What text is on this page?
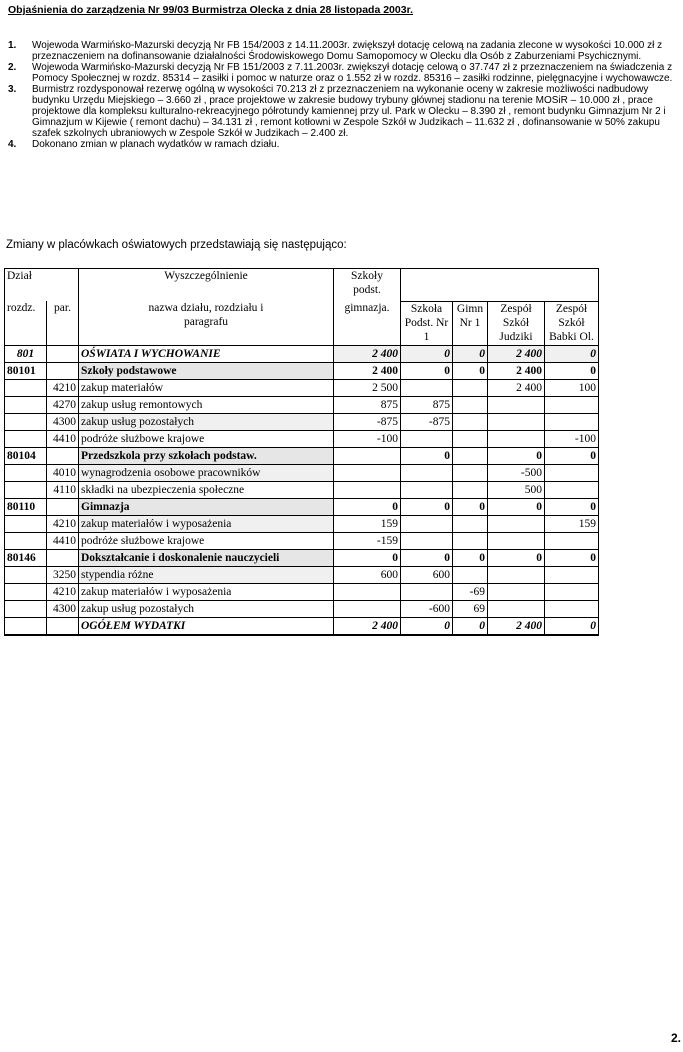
Objaśnienia do zarządzenia Nr 99/03 Burmistrza Olecka z dnia 28 listopada 2003r.
1.	Wojewoda Warmińsko-Mazurski decyzją Nr FB 154/2003 z 14.11.2003r. zwiększył dotację celową na zadania zlecone w wysokości 10.000 zł z przeznaczeniem na dofinansowanie działalności Środowiskowego Domu Samopomocy w Olecku dla Osób z Zaburzeniami Psychicznymi.
2.	Wojewoda Warmińsko-Mazurski decyzją Nr FB 151/2003 z 7.11.2003r. zwiększył dotację celową o 37.747 zł z przeznaczeniem na świadczenia z Pomocy Społecznej w rozdz. 85314 – zasiłki i pomoc w naturze oraz o 1.552 zł w rozdz. 85316 – zasiłki rodzinne, pielęgnacyjne i wychowawcze.
3.	Burmistrz rozdysponował rezerwę ogólną w wysokości 70.213 zł z przeznaczeniem na wykonanie oceny w zakresie możliwości nadbudowy budynku Urzędu Miejskiego – 3.660 zł , prace projektowe w zakresie budowy trybuny głównej stadionu na terenie MOSiR – 10.000 zł , prace projektowe dla kompleksu kulturalno-rekreacyjnego półrotundy kamiennej przy ul. Park w Olecku – 8.390 zł , remont budynku Gimnazjum Nr 2 i Gimnazjum w Kijewie ( remont dachu) – 34.131 zł , remont kotłowni w Zespole Szkół w Judzikach – 11.632 zł , dofinansowanie w 50% zakupu szafek szkolnych ubraniowych w Zespole Szkół w Judzikach – 2.400 zł.
4.	Dokonano zmian w planach wydatków w ramach działu.
Zmiany w placówkach oświatowych przedstawiają się następująco:
Dział		Wyszczególnienie	Szkoły podst.				
rozdz.	par.	nazwa działu, rozdziału i paragrafu	gimnazja.	Szkoła Podst. Nr 1	Gimn Nr 1	Zespół Szkół Judziki	Zespół Szkół Babki Ol.
801		OŚWIATA I WYCHOWANIE	2 400	0	0	2 400	0
80101		Szkoły podstawowe	2 400	0	0	2 400	0
	4210	zakup materiałów	2 500			2 400	100
	4270	zakup usług remontowych	875	875			
	4300	zakup usług pozostałych	-875	-875			
	4410	podróże służbowe krajowe	-100				-100
80104		Przedszkola przy szkołach podstaw.		0		0	0
	4010	wynagrodzenia osobowe pracowników				-500	
	4110	składki na ubezpieczenia społeczne				500	
80110		Gimnazja	0	0	0	0	0
	4210	zakup materiałów i wyposażenia	159				159
	4410	podróże służbowe krajowe	-159				
80146		Dokształcanie i doskonalenie nauczycieli	0	0	0	0	0
	3250	stypendia różne	600	600			
	4210	zakup materiałów i wyposażenia			-69		
	4300	zakup usług pozostałych		-600	69		
		OGÓŁEM WYDATKI	2 400	0	0	2 400	0
2.
